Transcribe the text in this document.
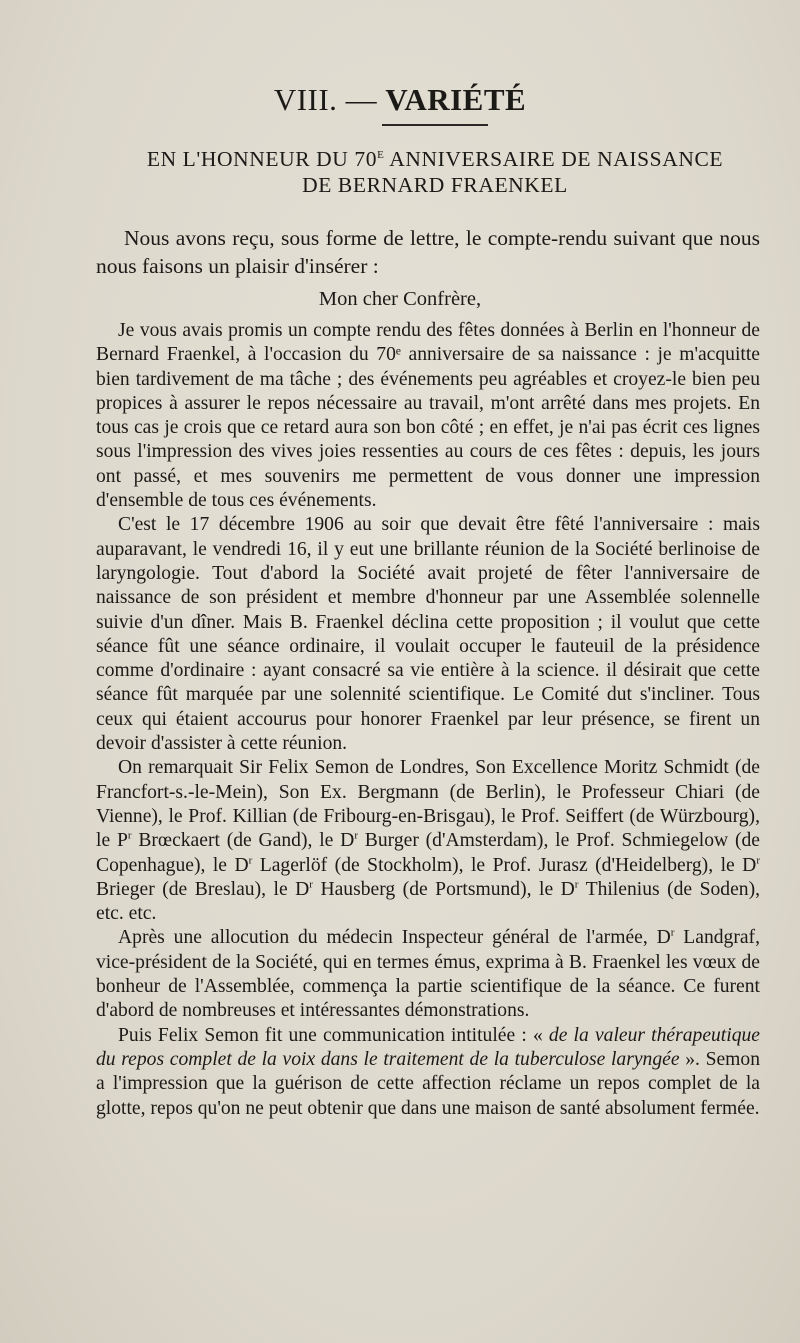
VIII. — VARIÉTÉ
EN L'HONNEUR DU $70^E$ ANNIVERSAIRE DE NAISSANCE
DE BERNARD FRAENKEL

Nous avons reçu, sous forme de lettre, le compte-rendu suivant que nous nous faisons un plaisir d'insérer :

Mon cher Confrère,

Je vous avais promis un compte rendu des fêtes données à Berlin en l'honneur de Bernard Fraenkel, à l'occasion du 70ᵉ anniversaire de sa naissance : je m'acquitte bien tardivement de ma tâche ; des événements peu agréables et croyez-le bien peu propices à assurer le repos nécessaire au travail, m'ont arrêté dans mes projets. En tous cas je crois que ce retard aura son bon côté ; en effet, je n'ai pas écrit ces lignes sous l'impression des vives joies ressenties au cours de ces fêtes : depuis, les jours ont passé, et mes souvenirs me permettent de vous donner une impression d'ensemble de tous ces événements.

C'est le 17 décembre 1906 au soir que devait être fêté l'anniversaire : mais auparavant, le vendredi 16, il y eut une brillante réunion de la Société berlinoise de laryngologie. Tout d'abord la Société avait projeté de fêter l'anniversaire de naissance de son président et membre d'honneur par une Assemblée solennelle suivie d'un dîner. Mais B. Fraenkel déclina cette proposition ; il voulut que cette séance fût une séance ordinaire, il voulait occuper le fauteuil de la présidence comme d'ordinaire : ayant consacré sa vie entière à la science. il désirait que cette séance fût marquée par une solennité scientifique. Le Comité dut s'incliner. Tous ceux qui étaient accourus pour honorer Fraenkel par leur présence, se firent un devoir d'assister à cette réunion.

On remarquait Sir Felix Semon de Londres, Son Excellence Moritz Schmidt (de Francfort-s.-le-Mein), Son Ex. Bergmann (de Berlin), le Professeur Chiari (de Vienne), le Prof. Killian (de Fribourg-en-Brisgau), le Prof. Seiffert (de Würzbourg), le $P^r$ Brœckaert (de Gand), le $D^r$ Burger (d'Amsterdam), le Prof. Schmiegelow (de Copenhague), le $D^r$ Lagerlöf (de Stockholm), le Prof. Jurasz (d'Heidelberg), le $D^r$ Brieger (de Breslau), le $D^r$ Hausberg (de Portsmund), le $D^r$ Thilenius (de Soden), etc. etc.

Après une allocution du médecin Inspecteur général de l'armée, $D^r$ Landgraf, vice-président de la Société, qui en termes émus, exprima à B. Fraenkel les vœux de bonheur de l'Assemblée, commença la partie scientifique de la séance. Ce furent d'abord de nombreuses et intéressantes démonstrations.

Puis Felix Semon fit une communication intitulée : « de la valeur thérapeutique du repos complet de la voix dans le traitement de la tuberculose laryngée ». Semon a l'impression que la guérison de cette affection réclame un repos complet de la glotte, repos qu'on ne peut obtenir que dans une maison de santé absolument fermée.
